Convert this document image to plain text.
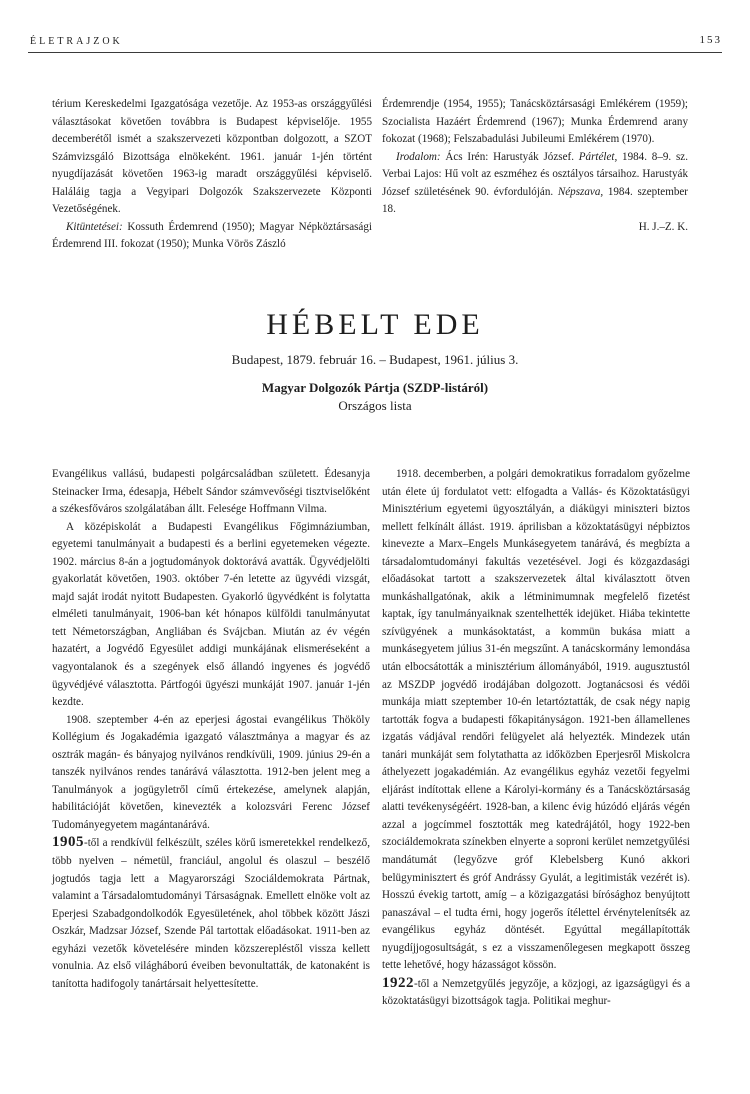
ÉLETRAJZOK	153

térium Kereskedelmi Igazgatósága vezetője. Az 1953-as országgyűlési választásokat követően továbbra is Budapest képviselője. 1955 decemberétől ismét a szakszervezeti központban dolgozott, a SZOT Számvizsgáló Bizottsága elnökeként. 1961. január 1-jén történt nyugdíjazását követően 1963-ig maradt országgyűlési képviselő. Haláláig tagja a Vegyipari Dolgozók Szakszervezete Központi Vezetőségének.

Kitüntetései: Kossuth Érdemrend (1950); Magyar Népköztársasági Érdemrend III. fokozat (1950); Munka Vörös Zászló

Érdemrendje (1954, 1955); Tanácsköztársasági Emlékérem (1959); Szocialista Hazáért Érdemrend (1967); Munka Érdemrend arany fokozat (1968); Felszabadulási Jubileumi Emlékérem (1970).

Irodalom: Ács Irén: Harustyák József. Pártélet, 1984. 8–9. sz. Verbai Lajos: Hű volt az eszméhez és osztályos társaihoz. Harustyák József születésének 90. évfordulóján. Népszava, 1984. szeptember 18.

H. J.–Z. K.

HÉBELT EDE
Budapest, 1879. február 16. – Budapest, 1961. július 3.
Magyar Dolgozók Pártja (SZDP-listáról)
Országos lista

Evangélikus vallású, budapesti polgárcsaládban született. Édesanyja Steinacker Irma, édesapja, Hébelt Sándor számvevőségi tisztviselőként a székesfőváros szolgálatában állt. Felesége Hoffmann Vilma.

A középiskolát a Budapesti Evangélikus Főgimnáziumban, egyetemi tanulmányait a budapesti és a berlini egyetemeken végezte. 1902. március 8-án a jogtudományok doktorává avatták. Ügyvédjelölti gyakorlatát követően, 1903. október 7-én letette az ügyvédi vizsgát, majd saját irodát nyitott Budapesten. Gyakorló ügyvédként is folytatta elméleti tanulmányait, 1906-ban két hónapos külföldi tanulmányutat tett Németországban, Angliában és Svájcban. Miután az év végén hazatért, a Jogvédő Egyesület addigi munkájának elismeréseként a vagyontalanok és a szegények első állandó ingyenes és jogvédő ügyvédjévé választotta. Pártfogói ügyészi munkáját 1907. január 1-jén kezdte.

1908. szeptember 4-én az eperjesi ágostai evangélikus Thököly Kollégium és Jogakadémia igazgató választmánya a magyar és az osztrák magán- és bányajog nyilvános rendkívüli, 1909. június 29-én a tanszék nyilvános rendes tanárává választotta. 1912-ben jelent meg a Tanulmányok a jogügyletről című értekezése, amelynek alapján, habilitációját követően, kinevezték a kolozsvári Ferenc József Tudományegyetem magántanárává.

1905-től a rendkívül felkészült, széles körű ismeretekkel rendelkező, több nyelven – németül, franciául, angolul és olaszul – beszélő jogtudós tagja lett a Magyarországi Szociáldemokrata Pártnak, valamint a Társadalomtudományi Társaságnak. Emellett elnöke volt az Eperjesi Szabadgondolkodók Egyesületének, ahol többek között Jászi Oszkár, Madzsar József, Szende Pál tartottak előadásokat. 1911-ben az egyházi vezetők követelésére minden közszerepléstől vissza kellett vonulnia. Az első világháború éveiben bevonultatták, de katonaként is tanította hadifogoly tanártársait helyettesítette.

1918. decemberben, a polgári demokratikus forradalom győzelme után élete új fordulatot vett: elfogadta a Vallás- és Közoktatásügyi Minisztérium egyetemi ügyosztályán, a diákügyi miniszteri biztos mellett felkínált állást. 1919. áprilisban a közoktatásügyi népbiztos kinevezte a Marx–Engels Munkásegyetem tanárává, és megbízta a társadalomtudományi fakultás vezetésével. Jogi és közgazdasági előadásokat tartott a szakszervezetek által kiválasztott ötven munkáshallgatónak, akik a létminimumnak megfelelő fizetést kaptak, így tanulmányaiknak szentelhették idejüket. Hiába tekintette szívügyének a munkásoktatást, a kommün bukása miatt a munkásegyetem július 31-én megszűnt. A tanácskormány lemondása után elbocsátották a minisztérium állományából, 1919. augusztustól az MSZDP jogvédő irodájában dolgozott. Jogtanácsosi és védői munkája miatt szeptember 10-én letartóztatták, de csak négy napig tartották fogva a budapesti főkapitányságon. 1921-ben államellenes izgatás vádjával rendőri felügyelet alá helyezték. Mindezek után tanári munkáját sem folytathatta az időközben Eperjesről Miskolcra áthelyezett jogakadémián. Az evangélikus egyház vezetői fegyelmi eljárást indítottak ellene a Károlyi-kormány és a Tanácsköztársaság alatti tevékenységéért. 1928-ban, a kilenc évig húzódó eljárás végén azzal a jogcímmel fosztották meg katedrájától, hogy 1922-ben szociáldemokrata színekben elnyerte a soproni kerület nemzetgyűlési mandátumát (legyőzve gróf Klebelsberg Kunó akkori belügyminisztert és gróf Andrássy Gyulát, a legitimisták vezérét is). Hosszú évekig tartott, amíg – a közigazgatási bírósághoz benyújtott panaszával – el tudta érni, hogy jogerős ítélettel érvénytelenítsék az evangélikus egyház döntését. Egyúttal megállapították nyugdíjjogosultságát, s ez a visszamenőlegesen megkapott összeg tette lehetővé, hogy házasságot kössön.

1922-től a Nemzetgyűlés jegyzője, a közjogi, az igazságügyi és a közoktatásügyi bizottságok tagja. Politikai meghur-
